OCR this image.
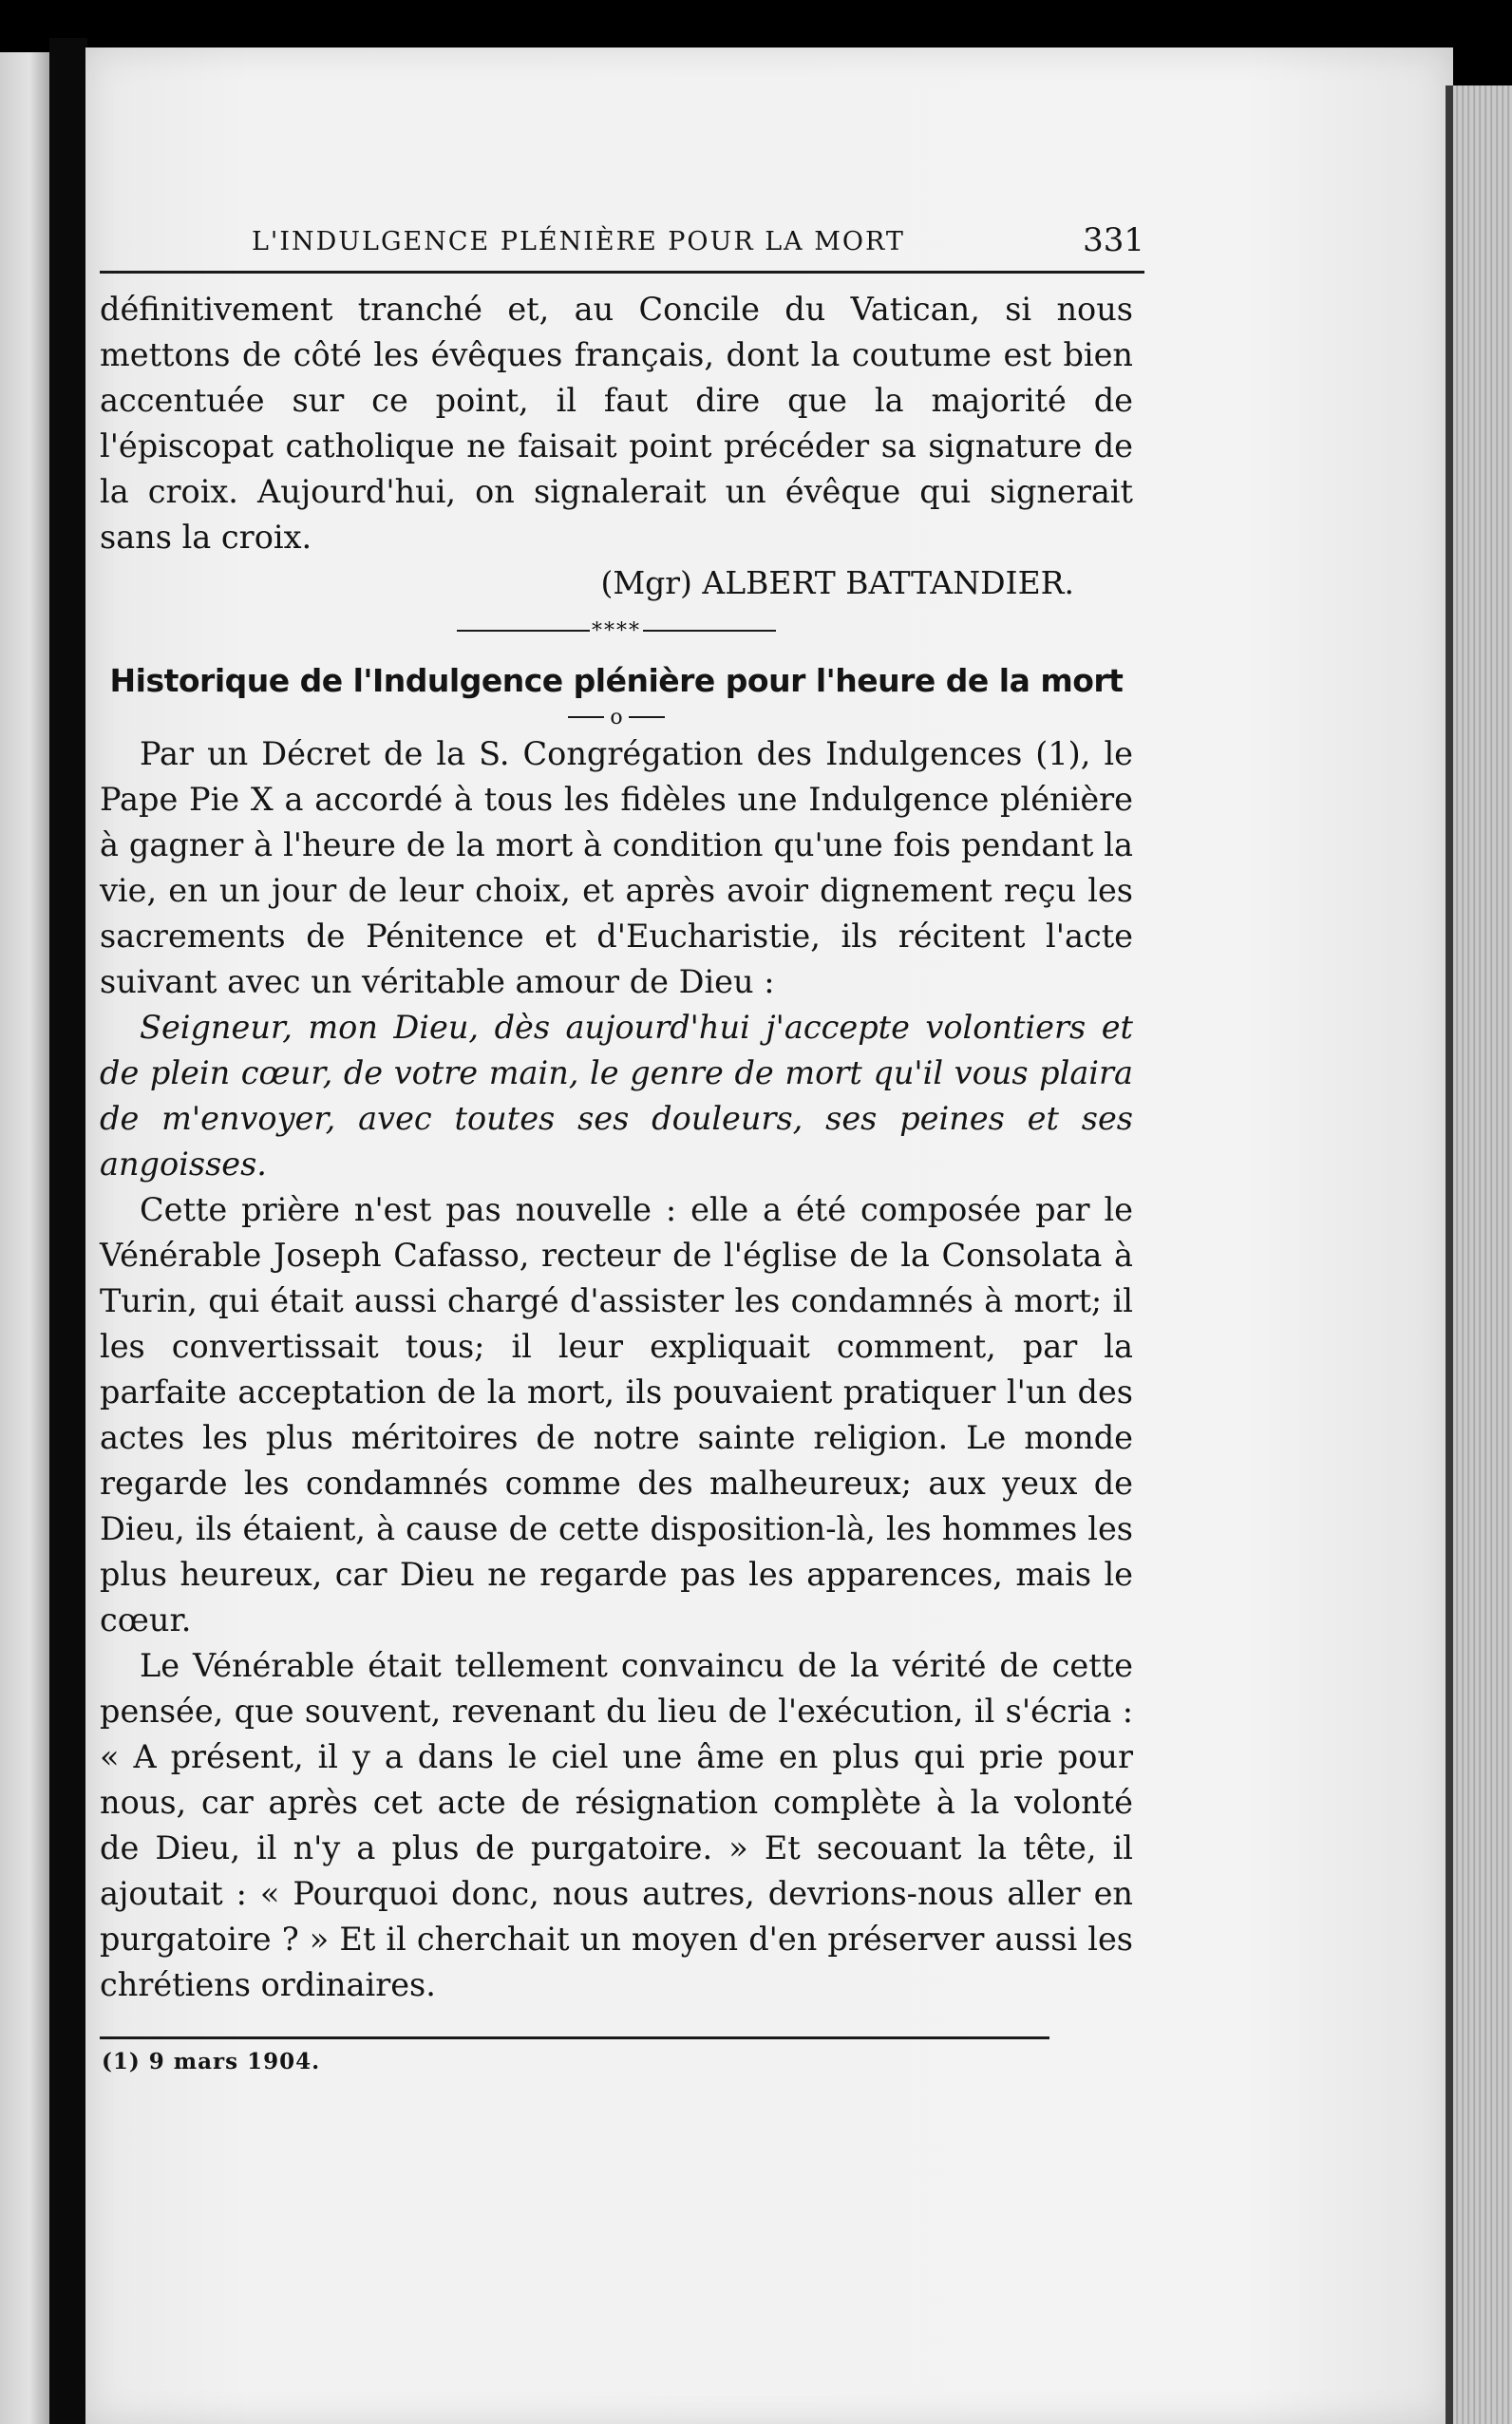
L'INDULGENCE PLÉNIÈRE POUR LA MORT	331

définitivement tranché et, au Concile du Vatican, si nous mettons de côté les évêques français, dont la coutume est bien accentuée sur ce point, il faut dire que la majorité de l'épiscopat catholique ne faisait point précéder sa signature de la croix. Aujourd'hui, on signalerait un évêque qui signerait sans la croix.

(Mgr) ALBERT BATTANDIER.
****
Historique de l'Indulgence plénière pour l'heure de la mort
o

Par un Décret de la S. Congrégation des Indulgences (1), le Pape Pie X a accordé à tous les fidèles une Indulgence plénière à gagner à l'heure de la mort à condition qu'une fois pendant la vie, en un jour de leur choix, et après avoir dignement reçu les sacrements de Pénitence et d'Eucharistie, ils récitent l'acte suivant avec un véritable amour de Dieu :

Seigneur, mon Dieu, dès aujourd'hui j'accepte volontiers et de plein cœur, de votre main, le genre de mort qu'il vous plaira de m'envoyer, avec toutes ses douleurs, ses peines et ses angoisses.

Cette prière n'est pas nouvelle : elle a été composée par le Vénérable Joseph Cafasso, recteur de l'église de la Consolata à Turin, qui était aussi chargé d'assister les condamnés à mort; il les convertissait tous; il leur expliquait comment, par la parfaite acceptation de la mort, ils pouvaient pratiquer l'un des actes les plus méritoires de notre sainte religion. Le monde regarde les condamnés comme des malheureux; aux yeux de Dieu, ils étaient, à cause de cette disposition-là, les hommes les plus heureux, car Dieu ne regarde pas les apparences, mais le cœur.

Le Vénérable était tellement convaincu de la vérité de cette pensée, que souvent, revenant du lieu de l'exécution, il s'écria : « A présent, il y a dans le ciel une âme en plus qui prie pour nous, car après cet acte de résignation complète à la volonté de Dieu, il n'y a plus de purgatoire. » Et secouant la tête, il ajoutait : « Pourquoi donc, nous autres, devrions-nous aller en purgatoire ? » Et il cherchait un moyen d'en préserver aussi les chrétiens ordinaires.

(1) 9 mars 1904.
